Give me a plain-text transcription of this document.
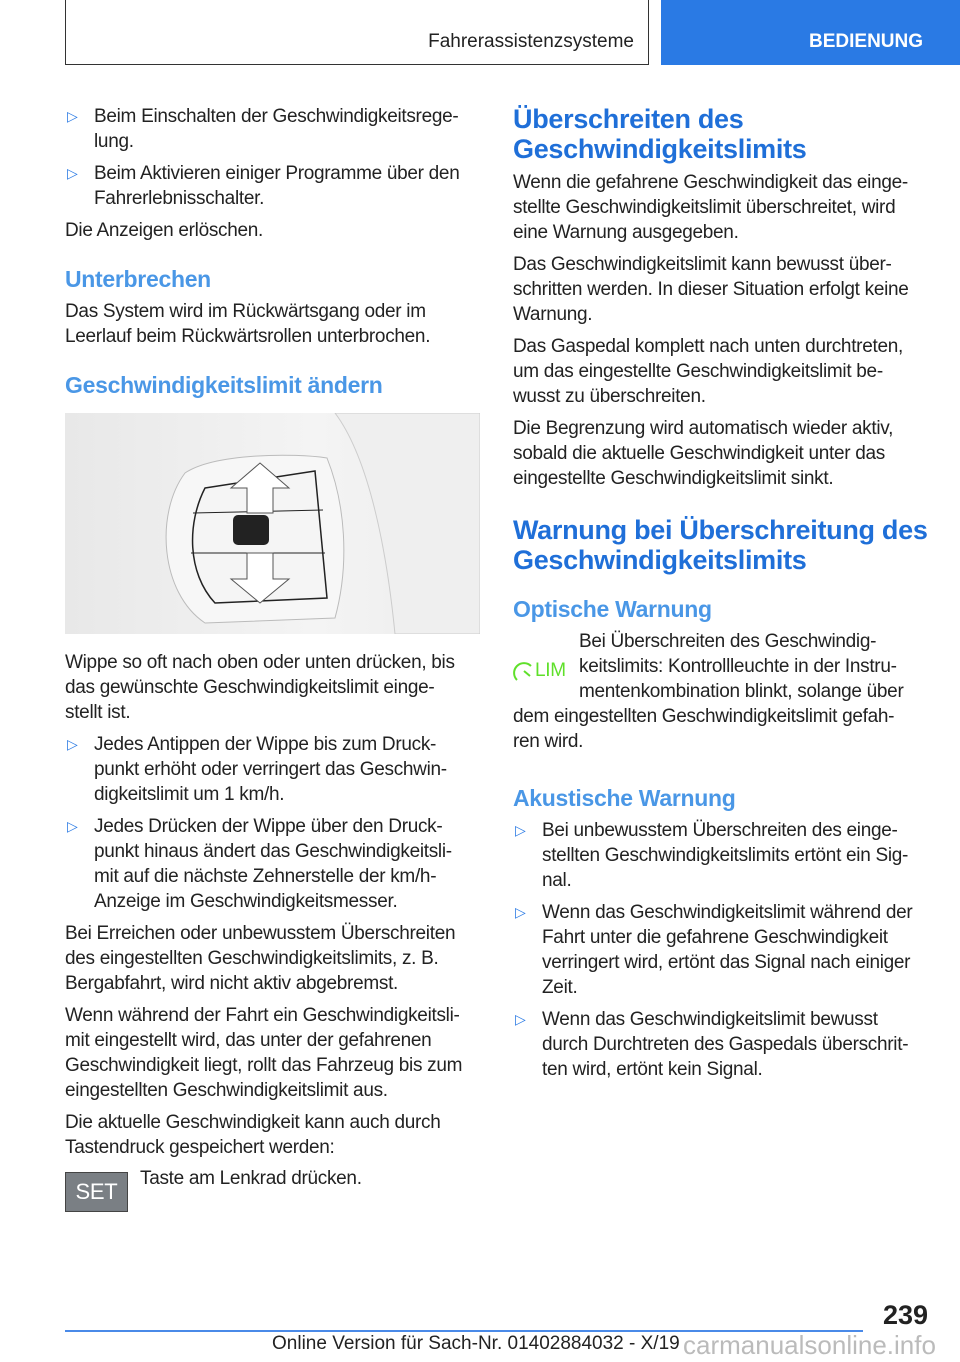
Fahrerassistenzsysteme	BEDIENUNG
▷ Beim Einschalten der Geschwindigkeitsrege-
lung.
▷ Beim Aktivieren einiger Programme über den
Fahrerlebnisschalter.
Die Anzeigen erlöschen.
Unterbrechen
Das System wird im Rückwärtsgang oder im
Leerlauf beim Rückwärtsrollen unterbrochen.
Geschwindigkeitslimit ändern
Wippe so oft nach oben oder unten drücken, bis
das gewünschte Geschwindigkeitslimit einge-
stellt ist.
▷ Jedes Antippen der Wippe bis zum Druck-
punkt erhöht oder verringert das Geschwin-
digkeitslimit um 1 km/h.
▷ Jedes Drücken der Wippe über den Druck-
punkt hinaus ändert das Geschwindigkeitsli-
mit auf die nächste Zehnerstelle der km/h-
Anzeige im Geschwindigkeitsmesser.
Bei Erreichen oder unbewusstem Überschreiten
des eingestellten Geschwindigkeitslimits, z. B.
Bergabfahrt, wird nicht aktiv abgebremst.
Wenn während der Fahrt ein Geschwindigkeitsli-
mit eingestellt wird, das unter der gefahrenen
Geschwindigkeit liegt, rollt das Fahrzeug bis zum
eingestellten Geschwindigkeitslimit aus.
Die aktuelle Geschwindigkeit kann auch durch
Tastendruck gespeichert werden:
SET
Taste am Lenkrad drücken.
Überschreiten des
Geschwindigkeitslimits
Wenn die gefahrene Geschwindigkeit das einge-
stellte Geschwindigkeitslimit überschreitet, wird
eine Warnung ausgegeben.
Das Geschwindigkeitslimit kann bewusst über-
schritten werden. In dieser Situation erfolgt keine
Warnung.
Das Gaspedal komplett nach unten durchtreten,
um das eingestellte Geschwindigkeitslimit be-
wusst zu überschreiten.
Die Begrenzung wird automatisch wieder aktiv,
sobald die aktuelle Geschwindigkeit unter das
eingestellte Geschwindigkeitslimit sinkt.
Warnung bei Überschreitung des
Geschwindigkeitslimits
Optische Warnung
LIM
Bei Überschreiten des Geschwindig-
keitslimits: Kontrollleuchte in der Instru-
mentenkombination blinkt, solange über
dem eingestellten Geschwindigkeitslimit gefah-
ren wird.
Akustische Warnung
▷ Bei unbewusstem Überschreiten des einge-
stellten Geschwindigkeitslimits ertönt ein Sig-
nal.
▷ Wenn das Geschwindigkeitslimit während der
Fahrt unter die gefahrene Geschwindigkeit
verringert wird, ertönt das Signal nach einiger
Zeit.
▷ Wenn das Geschwindigkeitslimit bewusst
durch Durchtreten des Gaspedals überschrit-
ten wird, ertönt kein Signal.
239
Online Version für Sach-Nr. 01402884032 - X/19 carmanualsonline.info
